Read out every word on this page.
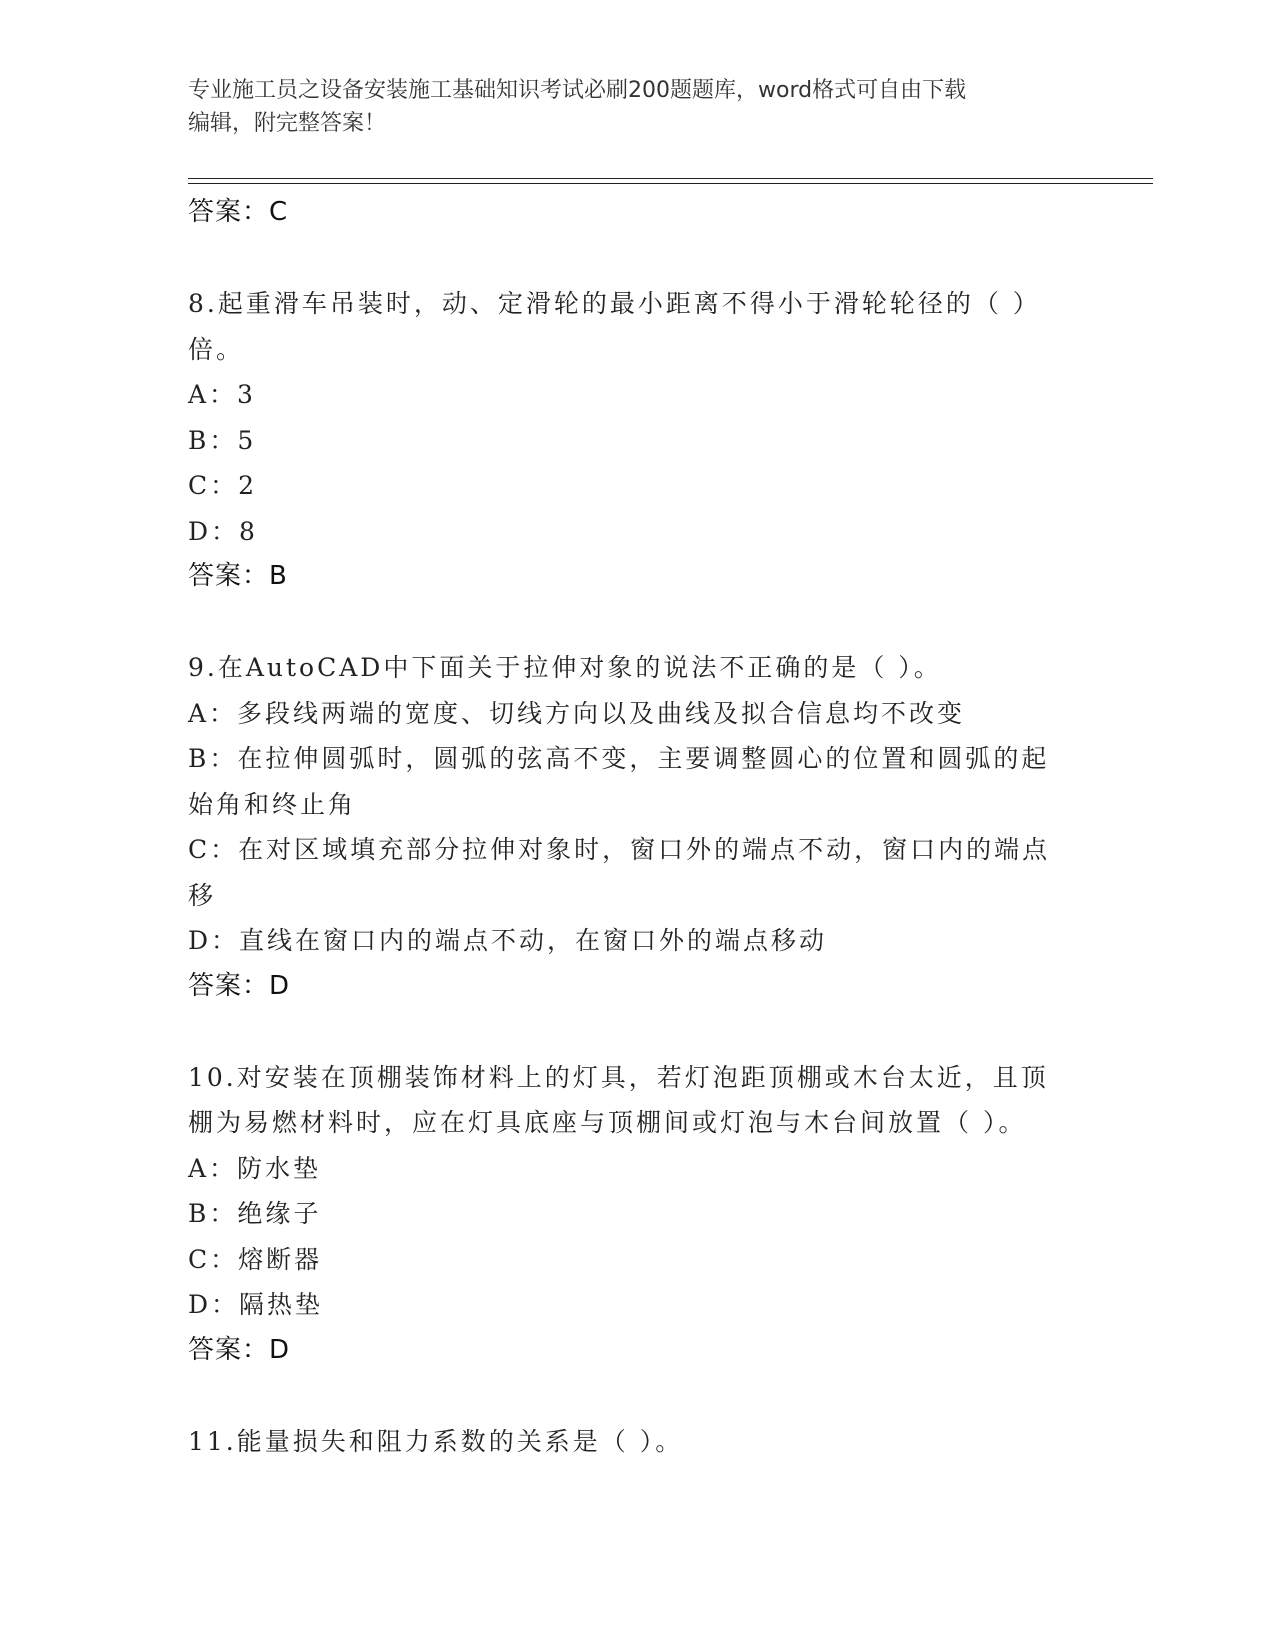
专业施工员之设备安装施工基础知识考试必刷200题题库，word格式可自由下载
编辑，附完整答案！
答案：C
8.起重滑车吊装时，动、定滑轮的最小距离不得小于滑轮轮径的（ ）
倍。
A：3
B：5
C：2
D：8
答案：B
9.在AutoCAD中下面关于拉伸对象的说法不正确的是（ ）。
A：多段线两端的宽度、切线方向以及曲线及拟合信息均不改变
B：在拉伸圆弧时，圆弧的弦高不变，主要调整圆心的位置和圆弧的起
始角和终止角
C：在对区域填充部分拉伸对象时，窗口外的端点不动，窗口内的端点
移
D：直线在窗口内的端点不动，在窗口外的端点移动
答案：D
10.对安装在顶棚装饰材料上的灯具，若灯泡距顶棚或木台太近，且顶
棚为易燃材料时，应在灯具底座与顶棚间或灯泡与木台间放置（ ）。
A：防水垫
B：绝缘子
C：熔断器
D：隔热垫
答案：D
11.能量损失和阻力系数的关系是（ ）。
